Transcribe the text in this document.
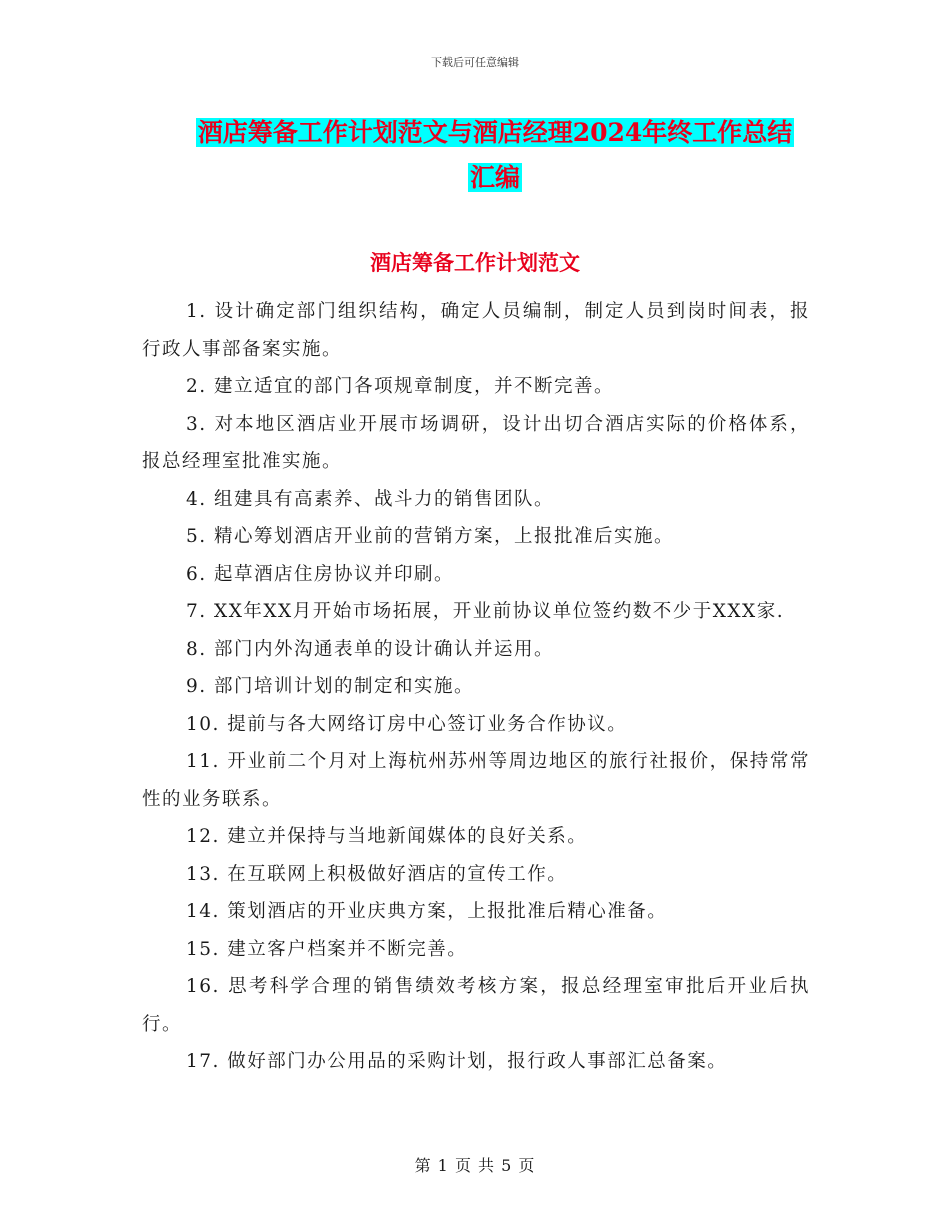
下载后可任意编辑
酒店筹备工作计划范文与酒店经理2024年终工作总结
汇编
酒店筹备工作计划范文
1. 设计确定部门组织结构，确定人员编制，制定人员到岗时间表，报行政人事部备案实施。
2. 建立适宜的部门各项规章制度，并不断完善。
3. 对本地区酒店业开展市场调研，设计出切合酒店实际的价格体系，报总经理室批准实施。
4. 组建具有高素养、战斗力的销售团队。
5. 精心筹划酒店开业前的营销方案，上报批准后实施。
6. 起草酒店住房协议并印刷。
7. XX年XX月开始市场拓展，开业前协议单位签约数不少于XXX家.
8. 部门内外沟通表单的设计确认并运用。
9. 部门培训计划的制定和实施。
10. 提前与各大网络订房中心签订业务合作协议。
11. 开业前二个月对上海杭州苏州等周边地区的旅行社报价，保持常常性的业务联系。
12. 建立并保持与当地新闻媒体的良好关系。
13. 在互联网上积极做好酒店的宣传工作。
14. 策划酒店的开业庆典方案，上报批准后精心准备。
15. 建立客户档案并不断完善。
16. 思考科学合理的销售绩效考核方案，报总经理室审批后开业后执行。
17. 做好部门办公用品的采购计划，报行政人事部汇总备案。
第 1 页 共 5 页
